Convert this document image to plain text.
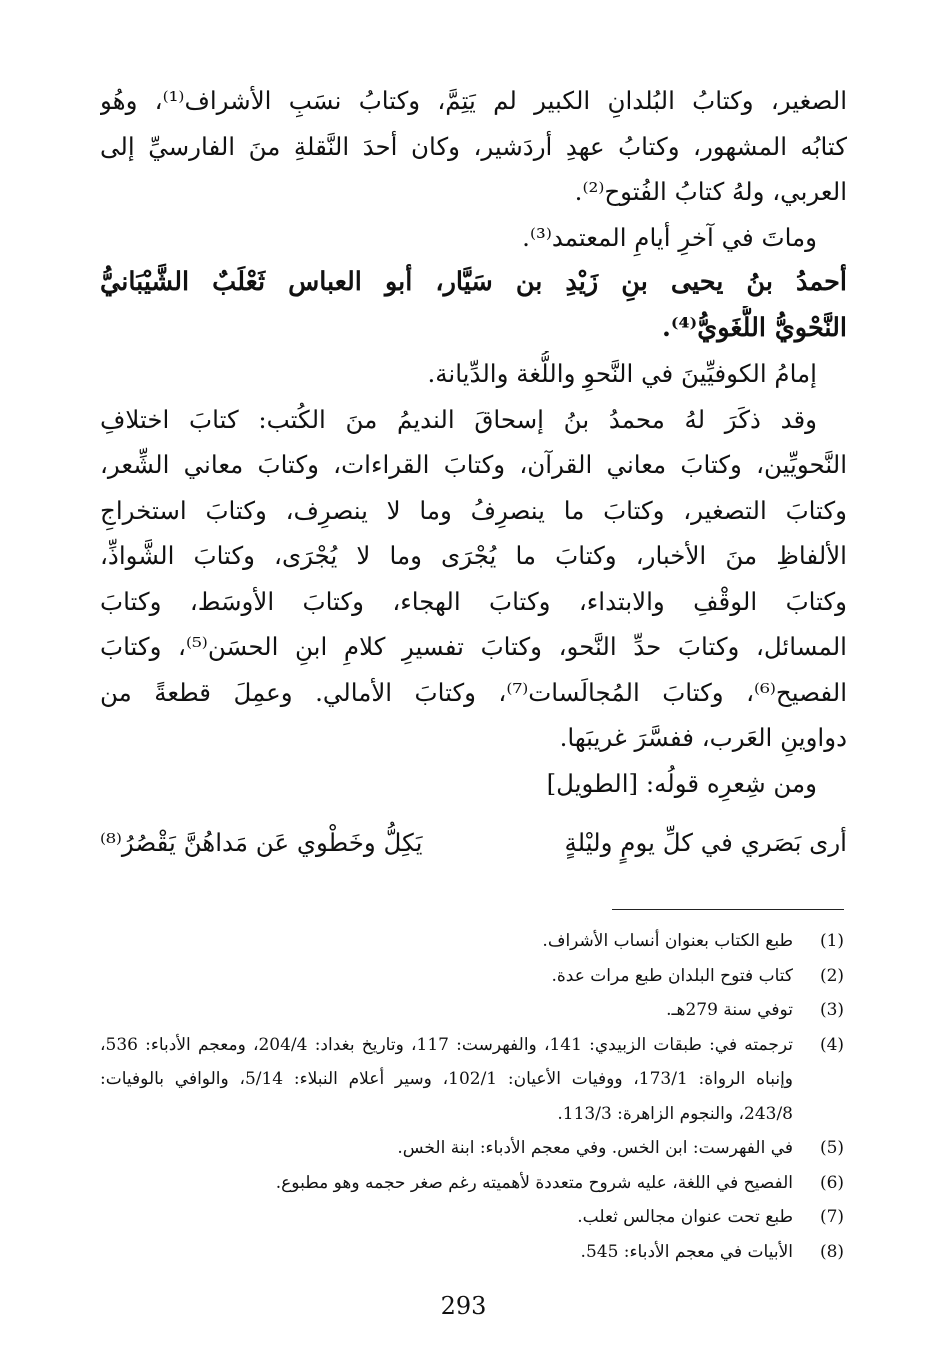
الصغير، وكتابُ البُلدانِ الكبير لم يَتِمَّ، وكتابُ نسَبِ الأشراف⁽¹⁾، وهُو
كتابُه المشهور، وكتابُ عهدِ أردَشير، وكان أحدَ النَّقلةِ منَ الفارسيِّ إلى
العربي، ولهُ كتابُ الفُتوح⁽²⁾.
وماتَ في آخرِ أيامِ المعتمد⁽³⁾.
أحمدُ بنُ يحيى بنِ زَيْدِ بن سَيَّار، أبو العباس ثَعْلَبٌ الشَّيْبَانيُّ
النَّحْويُّ اللُّغَويُّ⁽⁴⁾.
إمامُ الكوفيِّينَ في النَّحوِ واللُّغة والدِّيانة.
وقد ذكَرَ لهُ محمدُ بنُ إسحاقَ النديمُ منَ الكُتب: كتابَ اختلافِ
النَّحويِّين، وكتابَ معاني القرآن، وكتابَ القراءات، وكتابَ معاني الشِّعر،
وكتابَ التصغير، وكتابَ ما ينصرِفُ وما لا ينصرِف، وكتابَ استخراجِ
الألفاظِ منَ الأخبار، وكتابَ ما يُجْرَى وما لا يُجْرَى، وكتابَ الشَّواذِّ،
وكتابَ الوقْفِ والابتداء، وكتابَ الهجاء، وكتابَ الأوسَط، وكتابَ
المسائل، وكتابَ حدِّ النَّحو، وكتابَ تفسيرِ كلامِ ابنِ الحسَن⁽⁵⁾، وكتابَ
الفصيح⁽⁶⁾، وكتابَ المُجالَسات⁽⁷⁾، وكتابَ الأمالي. وعمِلَ قطعةً من
دواوينِ العَرب، ففسَّرَ غريبَها.
ومن شِعرِه قولُه: [الطويل]
أرى بَصَري في كلِّ يومٍ وليْلةٍ
يَكِلُّ وخَطْوي عَن مَداهُنَّ يَقْصُرُ⁽⁸⁾
(1)
طبع الكتاب بعنوان أنساب الأشراف.
(2)
كتاب فتوح البلدان طبع مرات عدة.
(3)
توفي سنة 279هـ.
(4)
ترجمته في: طبقات الزبيدي: 141، والفهرست: 117، وتاريخ بغداد: 204/4، ومعجم الأدباء: 536، وإنباه الرواة: 173/1، ووفيات الأعيان: 102/1، وسير أعلام النبلاء: 5/14، والوافي بالوفيات: 243/8، والنجوم الزاهرة: 113/3.
(5)
في الفهرست: ابن الخس. وفي معجم الأدباء: ابنة الخس.
(6)
الفصيح في اللغة، عليه شروح متعددة لأهميته رغم صغر حجمه وهو مطبوع.
(7)
طبع تحت عنوان مجالس ثعلب.
(8)
الأبيات في معجم الأدباء: 545.
293
